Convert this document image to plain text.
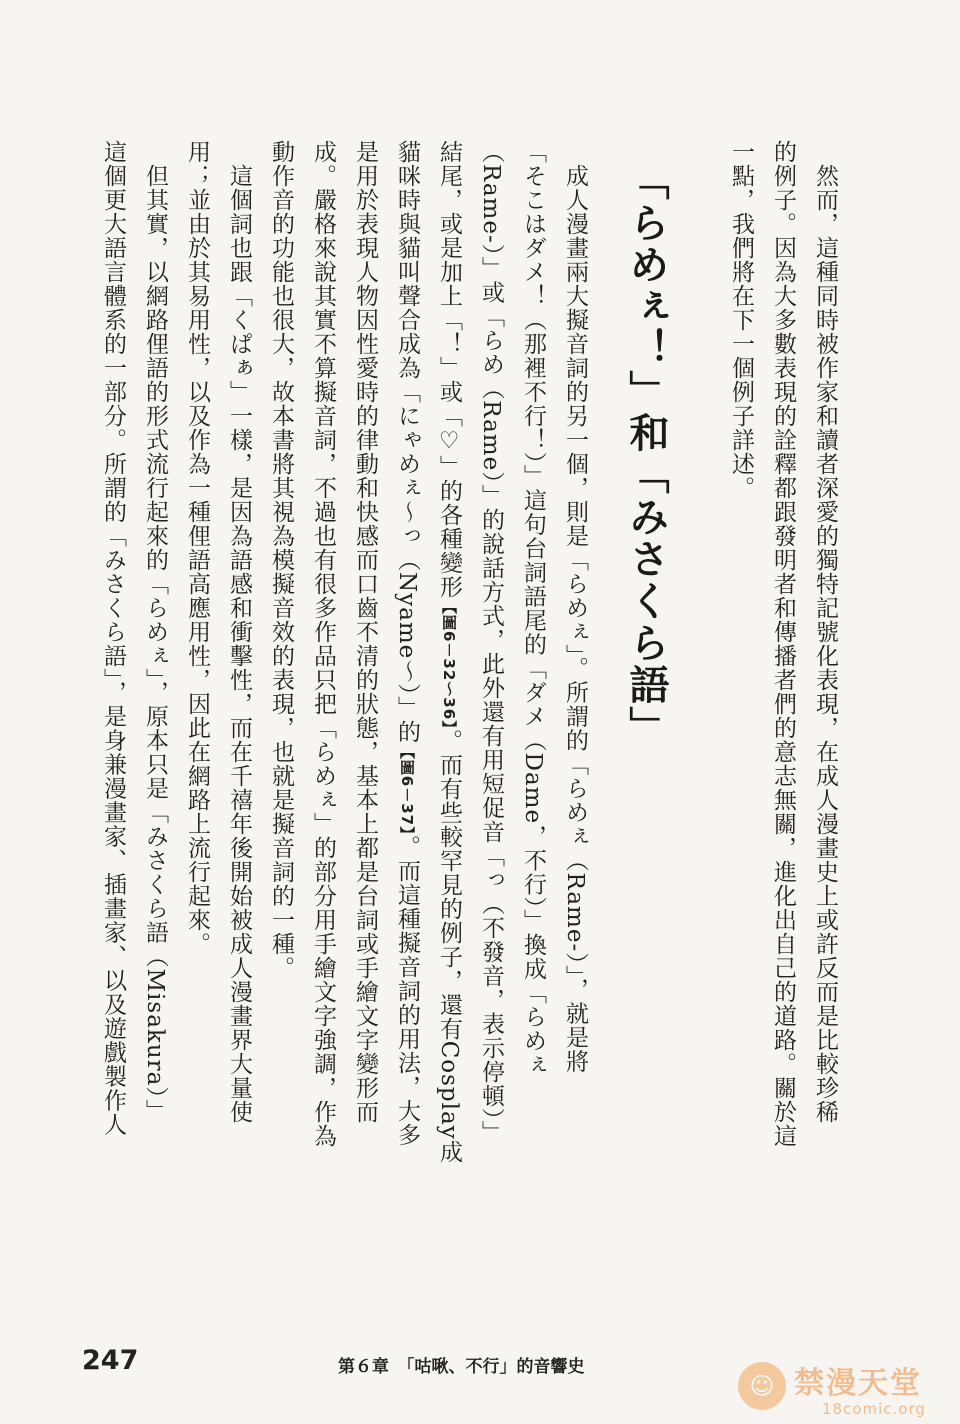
　然而，這種同時被作家和讀者深愛的獨特記號化表現，在成人漫畫史上或許反而是比較珍稀
的例子。因為大多數表現的詮釋都跟發明者和傳播者們的意志無關，進化出自己的道路。關於這
一點，我們將在下一個例子詳述。
　成人漫畫兩大擬音詞的另一個，則是「らめぇ」。所謂的「らめぇ（Rame-）」，就是將
「そこはダメ！（那裡不行！）」這句台詞語尾的「ダメ（Dame，不行）」換成「らめぇ
（Rame-）」或「らめ（Rame）」的說話方式，此外還有用短促音「っ（不發音，表示停頓）」
結尾，或是加上「！」或「♡」的各種變形【圖6－32～36】。而有些較罕見的例子，還有Cosplay成
貓咪時與貓叫聲合成為「にゃめぇ～っ（Nyame～）」的【圖6－37】。而這種擬音詞的用法，大多
是用於表現人物因性愛時的律動和快感而口齒不清的狀態，基本上都是台詞或手繪文字變形而
成。嚴格來說其實不算擬音詞，不過也有很多作品只把「らめぇ」的部分用手繪文字強調，作為
動作音的功能也很大，故本書將其視為模擬音效的表現，也就是擬音詞的一種。
　這個詞也跟「くぱぁ」一樣，是因為語感和衝擊性，而在千禧年後開始被成人漫畫界大量使
用；並由於其易用性，以及作為一種俚語高應用性，因此在網路上流行起來。
　但其實，以網路俚語的形式流行起來的「らめぇ」，原本只是「みさくら語（Misakura）」
這個更大語言體系的一部分。所謂的「みさくら語」，是身兼漫畫家、插畫家、以及遊戲製作人	「らめぇ！」和「みさくら語」
247	第６章　「咕啾、不行」的音響史
☺ 禁漫天堂
18comic.org
